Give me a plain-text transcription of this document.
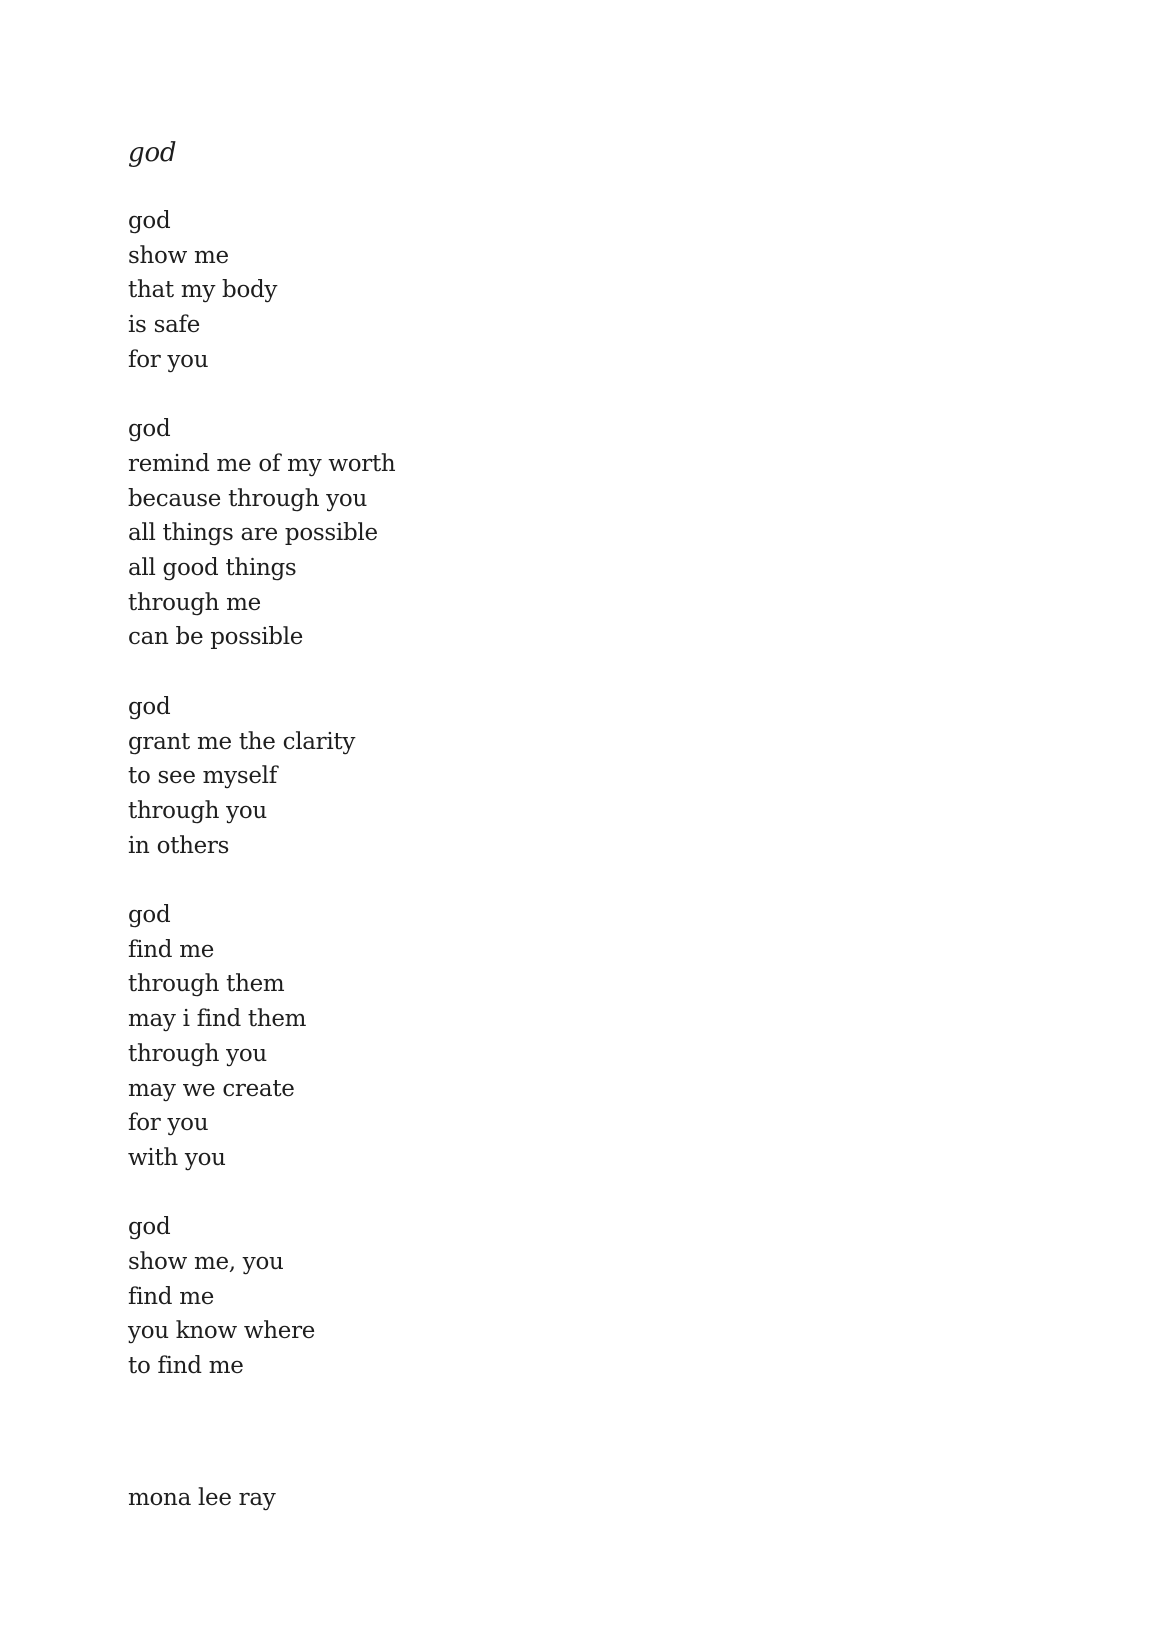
god
god
show me
that my body
is safe
for you
god
remind me of my worth
because through you
all things are possible
all good things
through me
can be possible
god
grant me the clarity
to see myself
through you
in others
god
find me
through them
may i find them
through you
may we create
for you
with you
god
show me, you
find me
you know where
to find me

mona lee ray
